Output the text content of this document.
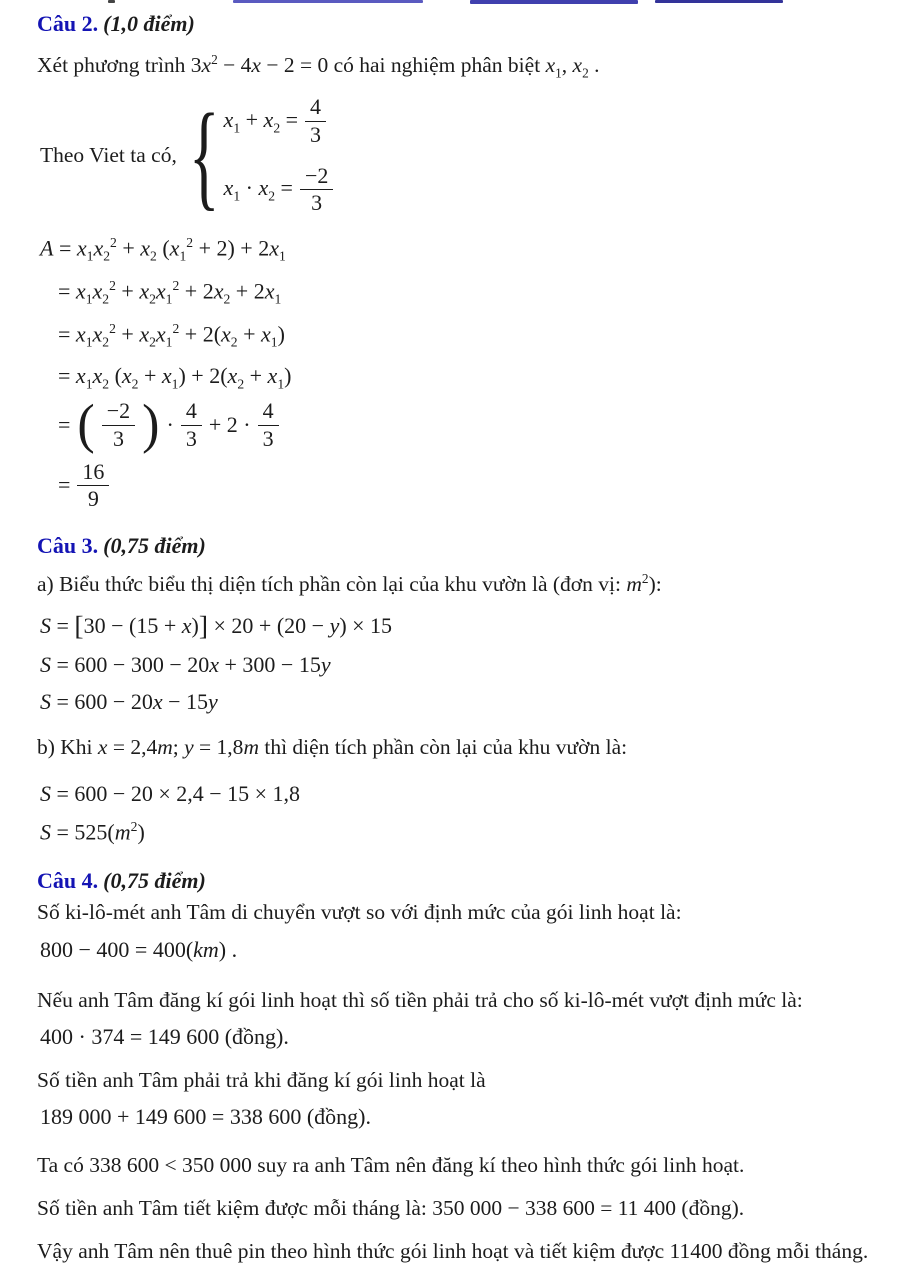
Câu 2. (1,0 điểm)

Xét phương trình $3x^2 - 4x - 2 = 0$ có hai nghiệm phân biệt $x_1$, $x_2$ .

Theo Viet ta có, { $x_1 + x_2 = \frac{4}{3}$
$x_1 \cdot x_2 = \frac{-2}{3}$
$A = x_1x_2^2 + x_2$ $(x_1^2 + 2) + 2x_1$
= $x_1x_2^2 + x_2x_1^2 + 2x_2 + 2x_1$
= $x_1x_2^2 + x_2x_1^2 + 2(x_2 + x_1)$
= $x_1x_2$ $(x_2 + x_1) + 2(x_2 + x_1)$
= ( $\frac{-2}{3}$ ) · $\frac{4}{3} + 2 \cdot \frac{4}{3}$
= $\frac{16}{9}$
Câu 3. (0,75 điểm)

a) Biểu thức biểu thị diện tích phần còn lại của khu vườn là (đơn vị: $m^2$):

S = [30 − (15 + x)] × 20 + (20 − y) × 15
S = 600 − 300 − 20x + 300 − 15y
S = 600 − 20x − 15y

b) Khi x = 2,4m; y = 1,8m thì diện tích phần còn lại của khu vườn là:

S = 600 − 20 × 2,4 − 15 × 1,8
$S = 525(m^2)$
Câu 4. (0,75 điểm)

Số ki-lô-mét anh Tâm di chuyển vượt so với định mức của gói linh hoạt là:

800 − 400 = 400(km) .

Nếu anh Tâm đăng kí gói linh hoạt thì số tiền phải trả cho số ki-lô-mét vượt định mức là:

400 · 374 = 149 600 (đồng).

Số tiền anh Tâm phải trả khi đăng kí gói linh hoạt là

189 000 + 149 600 = 338 600 (đồng).

Ta có 338 600 < 350 000 suy ra anh Tâm nên đăng kí theo hình thức gói linh hoạt.

Số tiền anh Tâm tiết kiệm được mỗi tháng là: 350 000 − 338 600 = 11 400 (đồng).

Vậy anh Tâm nên thuê pin theo hình thức gói linh hoạt và tiết kiệm được 11400 đồng mỗi tháng.
